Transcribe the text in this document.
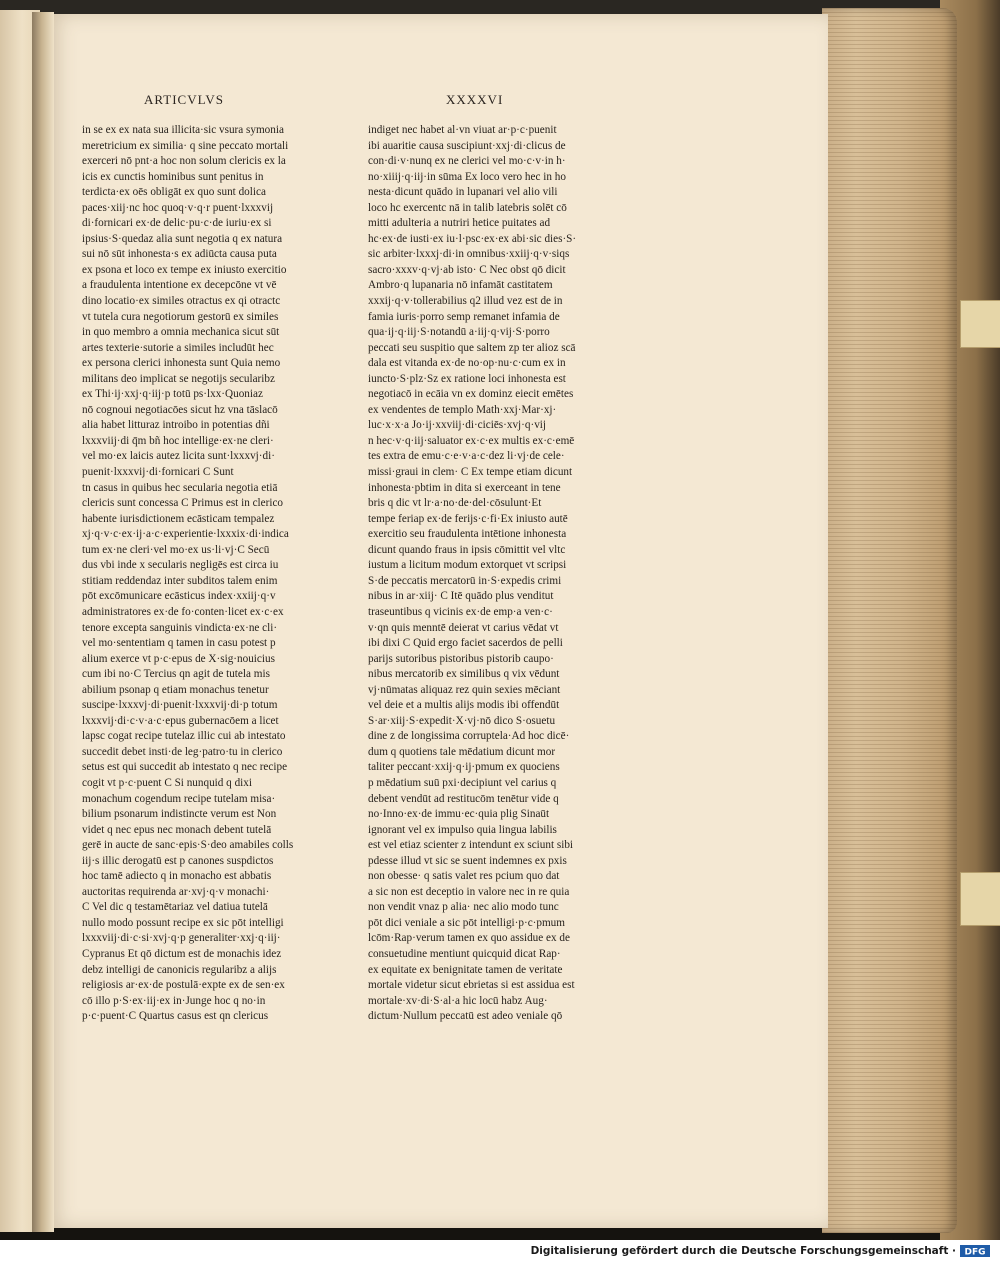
ARTICVLVS	XXXXVI
in se ex ex nata sua illicita·sic vsura symonia
meretricium ex similia· q sine peccato mortali
exerceri nō pnt·a hoc non solum clericis ex la
icis ex cunctis hominibus sunt penitus in
terdicta·ex oēs obligāt ex quo sunt dolica
paces·xiij·nc hoc quoq·v·q·r puent·lxxxvij
di·fornicari ex·de delic·pu·c·de iuriu·ex si
ipsius·S·quedaz alia sunt negotia q ex natura
sui nō sūt inhonesta·s ex adiūcta causa puta
ex psona et loco ex tempe ex iniusto exercitio
a fraudulenta intentione ex decepcōne vt vē
dino locatio·ex similes otractus ex qi otractc
vt tutela cura negotiorum gestorū ex similes
in quo membro a omnia mechanica sicut sūt
artes texterie·sutorie a similes includūt hec
ex persona clerici inhonesta sunt Quia nemo
militans deo implicat se negotijs secularibz
ex Thi·ij·xxj·q·iij·p totū ps·lxx·Quoniaz
nō cognoui negotiacōes sicut hz vna tāslacō
alia habet litturaz introibo in potentias dñi
lxxxviij·di q̄m bñ hoc intellige·ex·ne cleri·
vel mo·ex laicis autez licita sunt·lxxxvj·di·
puenit·lxxxvij·di·fornicari C Sunt
tn casus in quibus hec secularia negotia etiā
clericis sunt concessa C Primus est in clerico
habente iurisdictionem ecāsticam tempalez
xj·q·v·c·ex·ij·a·c·experientie·lxxxix·di·indica
tum ex·ne cleri·vel mo·ex us·li·vj·C Secū
dus vbi inde x secularis negligēs est circa iu
stitiam reddendaz inter subditos talem enim
pōt excōmunicare ecāsticus index·xxiij·q·v
administratores ex·de fo·conten·licet ex·c·ex
tenore excepta sanguinis vindicta·ex·ne cli·
vel mo·sententiam q tamen in casu potest p
alium exerce vt p·c·epus de X·sig·nouicius
cum ibi no·C Tercius qn agit de tutela mis
abilium psonap q etiam monachus tenetur
suscipe·lxxxvj·di·puenit·lxxxvij·di·p totum
lxxxvij·di·c·v·a·c·epus gubernacōem a licet
lapsc cogat recipe tutelaz illic cui ab intestato
succedit debet insti·de leg·patro·tu in clerico
setus est qui succedit ab intestato q nec recipe
cogit vt p·c·puent C Si nunquid q dixi
monachum cogendum recipe tutelam misa·
bilium psonarum indistincte verum est Non
videt q nec epus nec monach debent tutelā
gerē in aucte de sanc·epis·S·deo amabiles colls
iij·s illic derogatū est p canones suspdictos
hoc tamē adiecto q in monacho est abbatis
auctoritas requirenda ar·xvj·q·v monachi·
C Vel dic q testamētariaz vel datiua tutelā
nullo modo possunt recipe ex sic pōt intelligi
lxxxviij·di·c·si·xvj·q·p generaliter·xxj·q·iij·
Cypranus Et qō dictum est de monachis idez
debz intelligi de canonicis regularibz a alijs
religiosis ar·ex·de postulā·expte ex de sen·ex
cō illo p·S·ex·iij·ex in·Junge hoc q no·in
p·c·puent·C Quartus casus est qn clericus
indiget nec habet al·vn viuat ar·p·c·puenit
ibi auaritie causa suscipiunt·xxj·di·clicus de
con·di·v·nunq ex ne clerici vel mo·c·v·in h·
no·xiiij·q·iij·in sūma Ex loco vero hec in ho
nesta·dicunt quādo in lupanari vel alio vili
loco hc exercentc nā in talib latebris solēt cō
mitti adulteria a nutriri hetice puitates ad
hc·ex·de iusti·ex iu·l·psc·ex·ex abi·sic dies·S·
sic arbiter·lxxxj·di·in omnibus·xxiij·q·v·siqs
sacro·xxxv·q·vj·ab isto· C Nec obst qō dicit
Ambro·q lupanaria nō infamāt castitatem
xxxij·q·v·tollerabilius q2 illud vez est de in
famia iuris·porro semp remanet infamia de
qua·ij·q·iij·S·notandū a·iij·q·vij·S·porro
peccati seu suspitio que saltem zp ter alioz scā
dala est vitanda ex·de no·op·nu·c·cum ex in
iuncto·S·plz·Sz ex ratione loci inhonesta est
negotiacō in ecāia vn ex dominz eiecit emētes
ex vendentes de templo Math·xxj·Mar·xj·
luc·x·x·a Jo·ij·xxviij·di·ciciēs·xvj·q·vij
n hec·v·q·iij·saluator ex·c·ex multis ex·c·emē
tes extra de emu·c·e·v·a·c·dez li·vj·de cele·
missi·graui in clem· C Ex tempe etiam dicunt
inhonesta·pbtim in dita si exerceant in tene
bris q dic vt lr·a·no·de·del·cōsulunt·Et
tempe feriap ex·de ferijs·c·fi·Ex iniusto autē
exercitio seu fraudulenta intētione inhonesta
dicunt quando fraus in ipsis cōmittit vel vltc
iustum a licitum modum extorquet vt scripsi
S·de peccatis mercatorū in·S·expedis crimi
nibus in ar·xiij· C Itē quādo plus venditut
traseuntibus q vicinis ex·de emp·a ven·c·
v·qn quis menntē deierat vt carius vēdat vt
ibi dixi C Quid ergo faciet sacerdos de pelli
parijs sutoribus pistoribus pistorib caupo·
nibus mercatorib ex similibus q vix vēdunt
vj·nūmatas aliquaz rez quin sexies mēciant
vel deie et a multis alijs modis ibi offendūt
S·ar·xiij·S·expedit·X·vj·nō dico S·osuetu
dine z de longissima corruptela·Ad hoc dicē·
dum q quotiens tale mēdatium dicunt mor
taliter peccant·xxij·q·ij·pmum ex quociens
p mēdatium suū pxi·decipiunt vel carius q
debent vendūt ad restitucōm tenētur vide q
no·Inno·ex·de immu·ec·quia plig Sinaūt
ignorant vel ex impulso quia lingua labilis
est vel etiaz scienter z intendunt ex sciunt sibi
pdesse illud vt sic se suent indemnes ex pxis
non obesse· q satis valet res pcium quo dat
a sic non est deceptio in valore nec in re quia
non vendit vnaz p alia· nec alio modo tunc
pōt dici veniale a sic pōt intelligi·p·c·pmum
lcōm·Rap·verum tamen ex quo assidue ex de
consuetudine mentiunt quicquid dicat Rap·
ex equitate ex benignitate tamen de veritate
mortale videtur sicut ebrietas si est assidua est
mortale·xv·di·S·al·a hic locū habz Aug·
dictum·Nullum peccatū est adeo veniale qō
Digitalisierung gefördert durch die Deutsche Forschungsgemeinschaft · DFG
